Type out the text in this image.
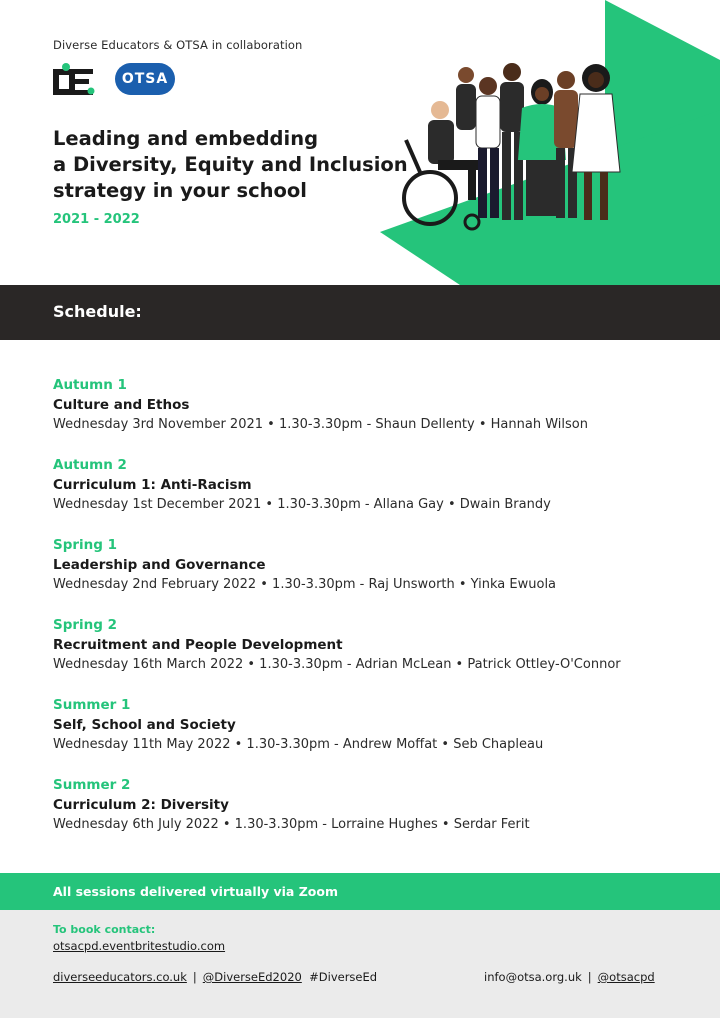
Diverse Educators & OTSA in collaboration
OTSA
Leading and embedding
a Diversity, Equity and Inclusion
strategy in your school
2021 - 2022
Schedule:
Autumn 1
Culture and Ethos
Wednesday 3rd November 2021 • 1.30-3.30pm - Shaun Dellenty • Hannah Wilson
Autumn 2
Curriculum 1: Anti-Racism
Wednesday 1st December 2021 • 1.30-3.30pm - Allana Gay • Dwain Brandy
Spring 1
Leadership and Governance
Wednesday 2nd February 2022 • 1.30-3.30pm - Raj Unsworth • Yinka Ewuola
Spring 2
Recruitment and People Development
Wednesday 16th March 2022 • 1.30-3.30pm - Adrian McLean • Patrick Ottley-O'Connor
Summer 1
Self, School and Society
Wednesday 11th May 2022 • 1.30-3.30pm - Andrew Moffat • Seb Chapleau
Summer 2
Curriculum 2: Diversity
Wednesday 6th July 2022 • 1.30-3.30pm - Lorraine Hughes • Serdar Ferit
All sessions delivered virtually via Zoom
To book contact:
otsacpd.eventbritestudio.com
diverseeducators.co.uk | @DiverseEd2020 #DiverseEd	info@otsa.org.uk | @otsacpd
